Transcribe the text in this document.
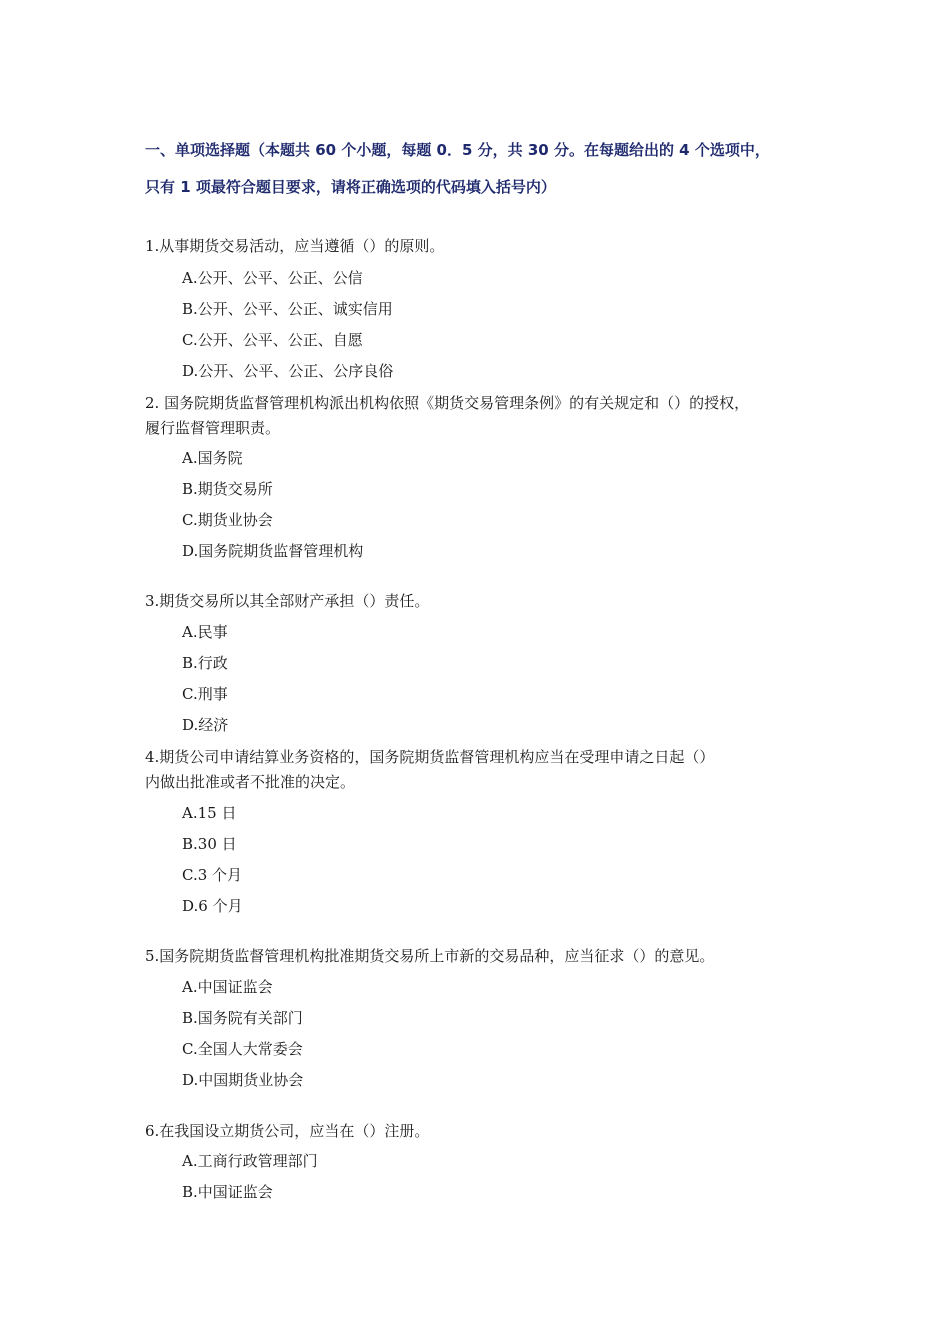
一、单项选择题（本题共 60 个小题，每题 0．5 分，共 30 分。在每题给出的 4 个选项中，
只有 1 项最符合题目要求，请将正确选项的代码填入括号内）
1.从事期货交易活动，应当遵循（）的原则。
A.公开、公平、公正、公信
B.公开、公平、公正、诚实信用
C.公开、公平、公正、自愿
D.公开、公平、公正、公序良俗
2. 国务院期货监督管理机构派出机构依照《期货交易管理条例》的有关规定和（）的授权，
履行监督管理职责。
A.国务院
B.期货交易所
C.期货业协会
D.国务院期货监督管理机构
3.期货交易所以其全部财产承担（）责任。
A.民事
B.行政
C.刑事
D.经济
4.期货公司申请结算业务资格的，国务院期货监督管理机构应当在受理申请之日起（）
内做出批准或者不批准的决定。
A.15 日
B.30 日
C.3 个月
D.6 个月
5.国务院期货监督管理机构批准期货交易所上市新的交易品种，应当征求（）的意见。
A.中国证监会
B.国务院有关部门
C.全国人大常委会
D.中国期货业协会
6.在我国设立期货公司，应当在（）注册。
A.工商行政管理部门
B.中国证监会
